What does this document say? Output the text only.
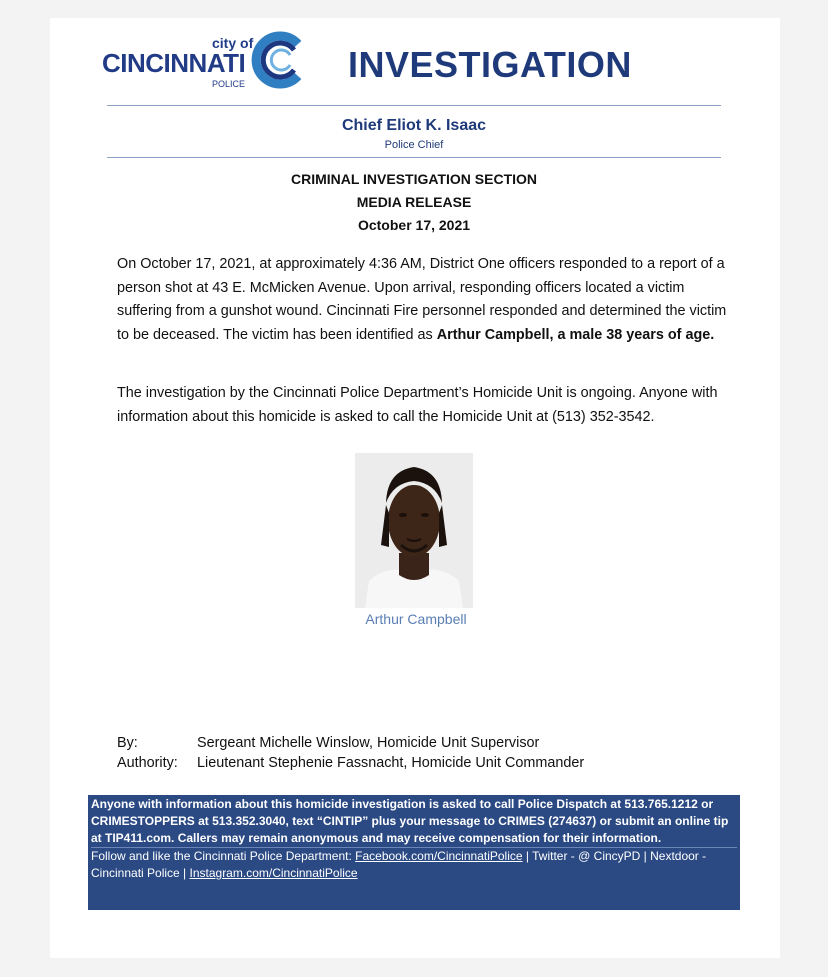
city of
CINCINNATI
POLICE	INVESTIGATION
Chief Eliot K. Isaac
Police Chief
CRIMINAL INVESTIGATION SECTION
MEDIA RELEASE
October 17, 2021
On October 17, 2021, at approximately 4:36 AM, District One officers responded to a report of a person shot at 43 E. McMicken Avenue. Upon arrival, responding officers located a victim suffering from a gunshot wound. Cincinnati Fire personnel responded and determined the victim to be deceased. The victim has been identified as Arthur Campbell, a male 38 years of age.
The investigation by the Cincinnati Police Department’s Homicide Unit is ongoing. Anyone with information about this homicide is asked to call the Homicide Unit at (513) 352-3542.
Arthur Campbell
By:	Sergeant Michelle Winslow, Homicide Unit Supervisor
Authority: Lieutenant Stephenie Fassnacht, Homicide Unit Commander
Anyone with information about this homicide investigation is asked to call Police Dispatch at 513.765.1212 or CRIMESTOPPERS at 513.352.3040, text “CINTIP” plus your message to CRIMES (274637) or submit an online tip at TIP411.com. Callers may remain anonymous and may receive compensation for their information.
Follow and like the Cincinnati Police Department: Facebook.com/CincinnatiPolice | Twitter - @ CincyPD | Nextdoor - Cincinnati Police | Instagram.com/CincinnatiPolice
